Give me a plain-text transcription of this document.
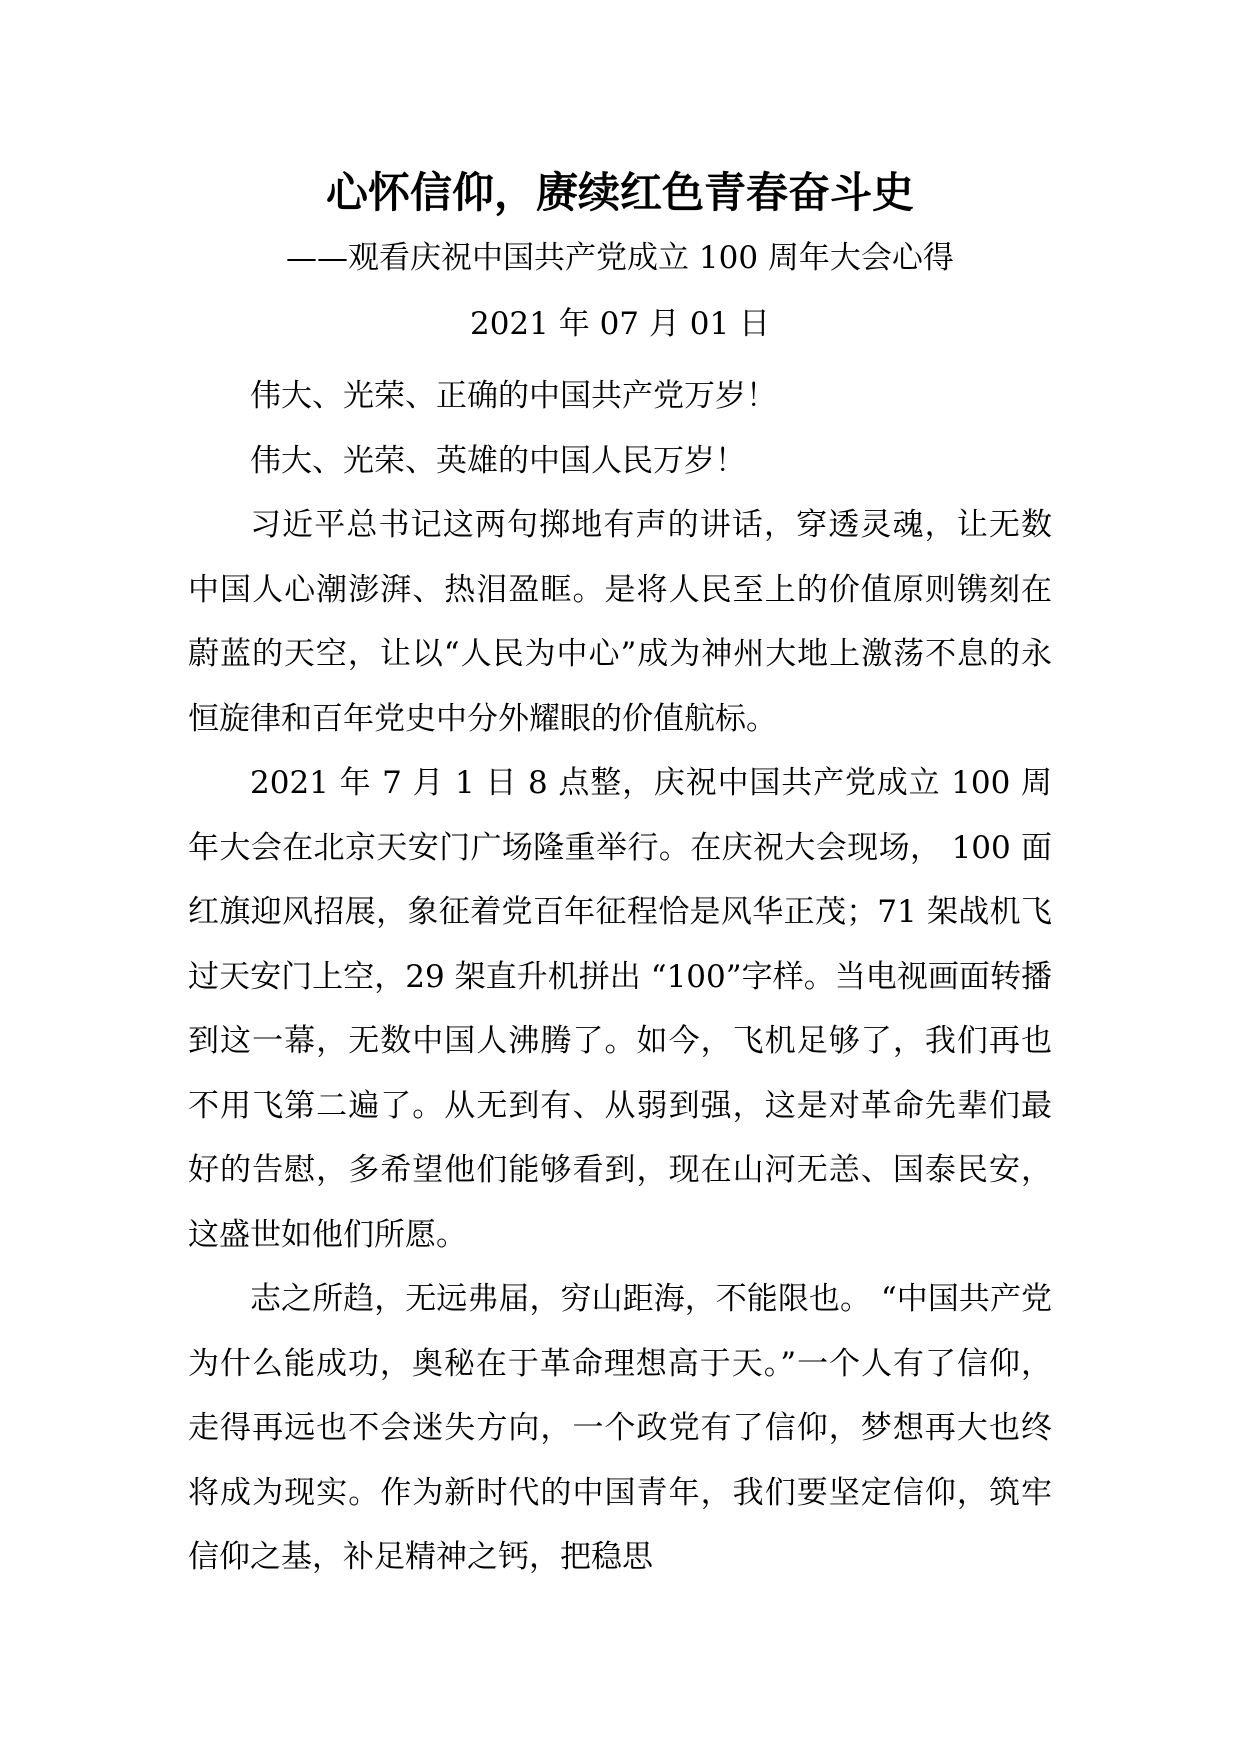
心怀信仰，赓续红色青春奋斗史

——观看庆祝中国共产党成立 100 周年大会心得

2021 年 07 月 01 日

伟大、光荣、正确的中国共产党万岁！

伟大、光荣、英雄的中国人民万岁！

习近平总书记这两句掷地有声的讲话，穿透灵魂，让无数中国人心潮澎湃、热泪盈眶。是将人民至上的价值原则镌刻在蔚蓝的天空，让以“人民为中心”成为神州大地上激荡不息的永恒旋律和百年党史中分外耀眼的价值航标。

2021 年 7 月 1 日 8 点整，庆祝中国共产党成立 100 周年大会在北京天安门广场隆重举行。在庆祝大会现场， 100 面红旗迎风招展，象征着党百年征程恰是风华正茂；71 架战机飞过天安门上空，29 架直升机拼出 “100”字样。当电视画面转播到这一幕，无数中国人沸腾了。如今，飞机足够了，我们再也不用飞第二遍了。从无到有、从弱到强，这是对革命先辈们最好的告慰，多希望他们能够看到，现在山河无恙、国泰民安，这盛世如他们所愿。

志之所趋，无远弗届，穷山距海，不能限也。 “中国共产党为什么能成功，奥秘在于革命理想高于天。”一个人有了信仰，走得再远也不会迷失方向，一个政党有了信仰，梦想再大也终将成为现实。作为新时代的中国青年，我们要坚定信仰，筑牢信仰之基，补足精神之钙，把稳思
